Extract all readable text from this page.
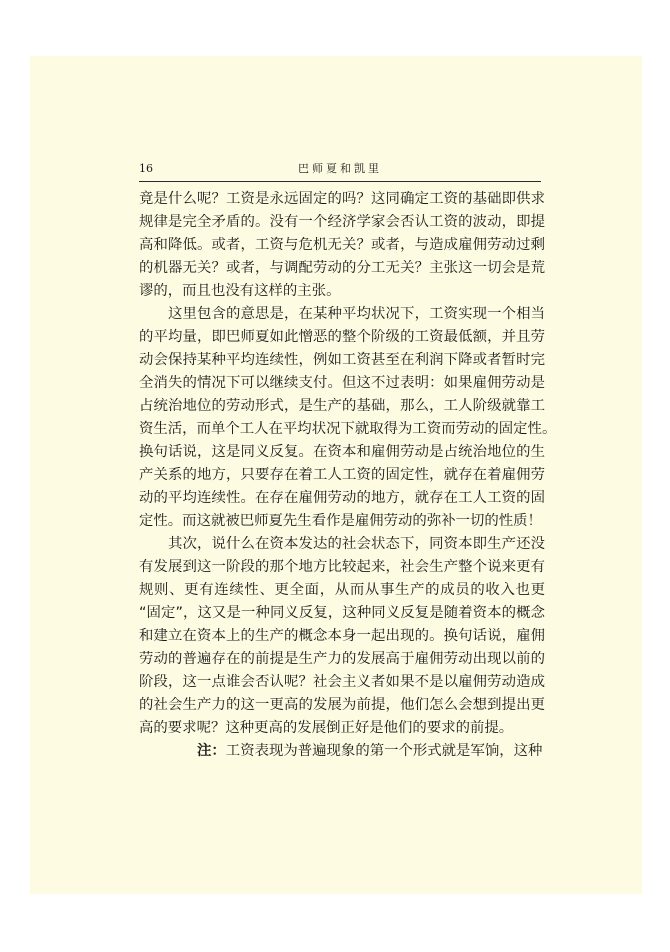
16	巴师夏和凯里
竟是什么呢？工资是永远固定的吗？这同确定工资的基础即供求
规律是完全矛盾的。没有一个经济学家会否认工资的波动，即提
高和降低。或者，工资与危机无关？或者，与造成雇佣劳动过剩
的机器无关？或者，与调配劳动的分工无关？主张这一切会是荒
谬的，而且也没有这样的主张。
这里包含的意思是，在某种平均状况下，工资实现一个相当
的平均量，即巴师夏如此憎恶的整个阶级的工资最低额，并且劳
动会保持某种平均连续性，例如工资甚至在利润下降或者暂时完
全消失的情况下可以继续支付。但这不过表明：如果雇佣劳动是
占统治地位的劳动形式，是生产的基础，那么，工人阶级就靠工
资生活，而单个工人在平均状况下就取得为工资而劳动的固定性。
换句话说，这是同义反复。在资本和雇佣劳动是占统治地位的生
产关系的地方，只要存在着工人工资的固定性，就存在着雇佣劳
动的平均连续性。在存在雇佣劳动的地方，就存在工人工资的固
定性。而这就被巴师夏先生看作是雇佣劳动的弥补一切的性质！
其次，说什么在资本发达的社会状态下，同资本即生产还没
有发展到这一阶段的那个地方比较起来，社会生产整个说来更有
规则、更有连续性、更全面，从而从事生产的成员的收入也更
“固定”，这又是一种同义反复，这种同义反复是随着资本的概念
和建立在资本上的生产的概念本身一起出现的。换句话说，雇佣
劳动的普遍存在的前提是生产力的发展高于雇佣劳动出现以前的
阶段，这一点谁会否认呢？社会主义者如果不是以雇佣劳动造成
的社会生产力的这一更高的发展为前提，他们怎么会想到提出更
高的要求呢？这种更高的发展倒正好是他们的要求的前提。
注：工资表现为普遍现象的第一个形式就是军饷，这种
